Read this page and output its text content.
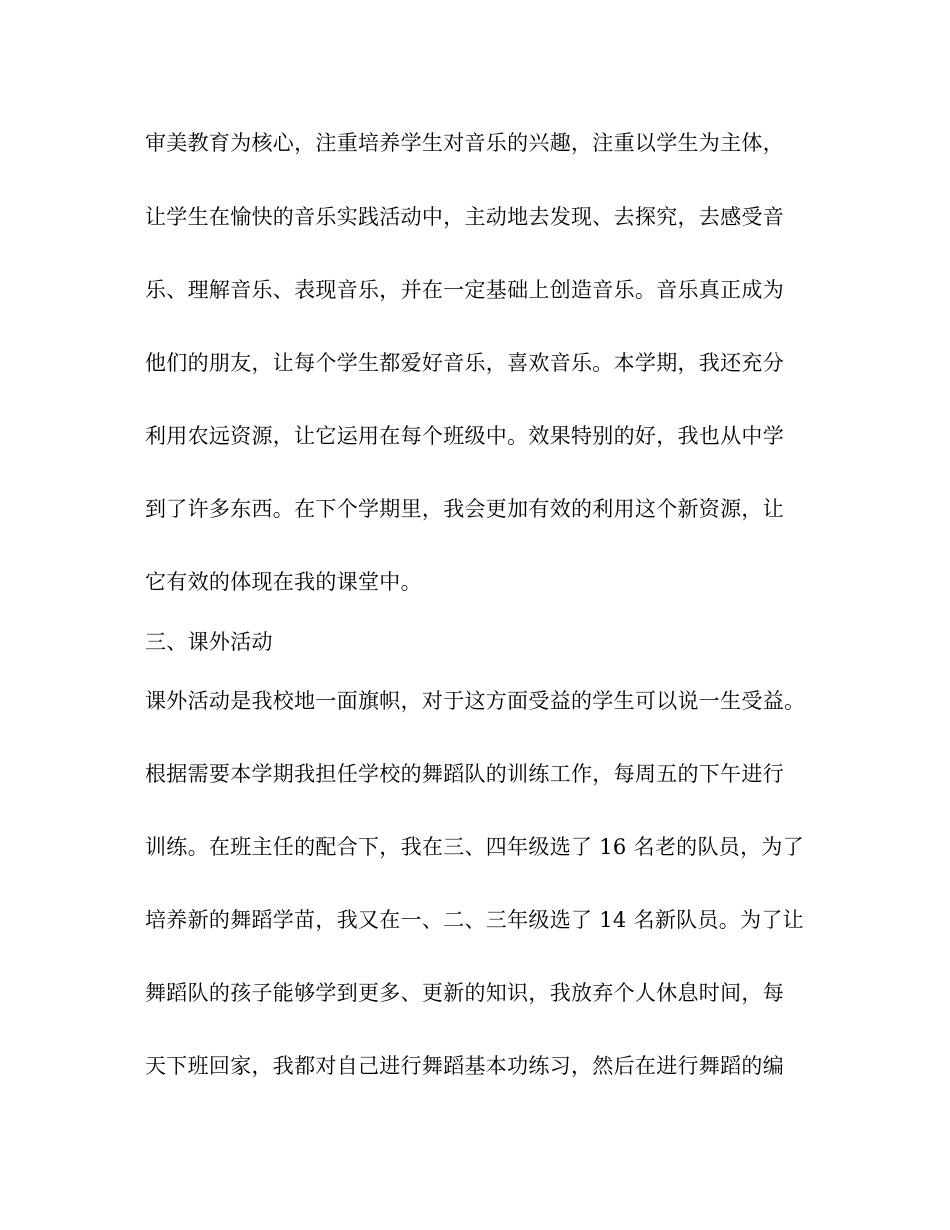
审美教育为核心，注重培养学生对音乐的兴趣，注重以学生为主体，
让学生在愉快的音乐实践活动中，主动地去发现、去探究，去感受音
乐、理解音乐、表现音乐，并在一定基础上创造音乐。音乐真正成为
他们的朋友，让每个学生都爱好音乐，喜欢音乐。本学期，我还充分
利用农远资源，让它运用在每个班级中。效果特别的好，我也从中学
到了许多东西。在下个学期里，我会更加有效的利用这个新资源，让
它有效的体现在我的课堂中。
三、课外活动
课外活动是我校地一面旗帜，对于这方面受益的学生可以说一生受益。
根据需要本学期我担任学校的舞蹈队的训练工作，每周五的下午进行
训练。在班主任的配合下，我在三、四年级选了 16 名老的队员，为了
培养新的舞蹈学苗，我又在一、二、三年级选了 14 名新队员。为了让
舞蹈队的孩子能够学到更多、更新的知识，我放弃个人休息时间，每
天下班回家，我都对自己进行舞蹈基本功练习，然后在进行舞蹈的编
